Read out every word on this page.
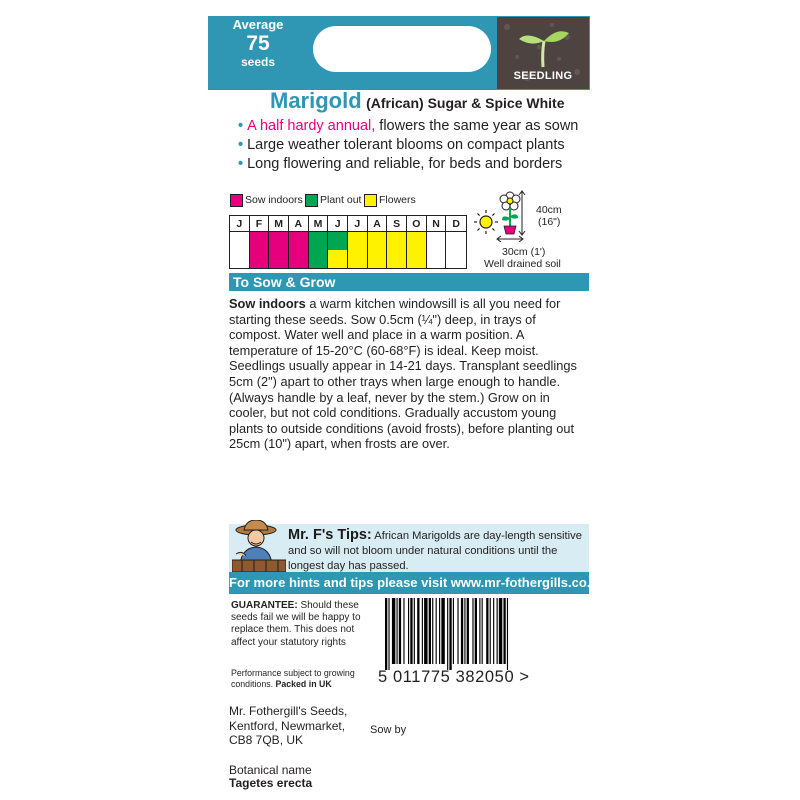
Average
75
seeds
SEEDLING
Marigold (African) Sugar & Spice White
• A half hardy annual, flowers the same year as sown
• Large weather tolerant blooms on compact plants
• Long flowering and reliable, for beds and borders
Sow indoors Plant out Flowers
J	F	M	A	M	J	J	A	S	O	N	D
40cm
(16")
30cm (1')
Well drained soil
To Sow & Grow
Sow indoors a warm kitchen windowsill is all you need for starting these seeds. Sow 0.5cm (¼") deep, in trays of compost. Water well and place in a warm position. A temperature of 15-20°C (60-68°F) is ideal. Keep moist. Seedlings usually appear in 14-21 days. Transplant seedlings 5cm (2") apart to other trays when large enough to handle. (Always handle by a leaf, never by the stem.) Grow on in cooler, but not cold conditions. Gradually accustom young plants to outside conditions (avoid frosts), before planting out 25cm (10") apart, when frosts are over.
Mr. F's Tips: African Marigolds are day-length sensitive and so will not bloom under natural conditions until the longest day has passed.
For more hints and tips please visit www.mr-fothergills.co.uk
GUARANTEE: Should these seeds fail we will be happy to replace them. This does not affect your statutory rights
Performance subject to growing conditions. Packed in UK	5 011775 382050 >
Mr. Fothergill's Seeds,
Kentford, Newmarket,
CB8 7QB, UK
Sow by
Botanical name
Tagetes erecta
